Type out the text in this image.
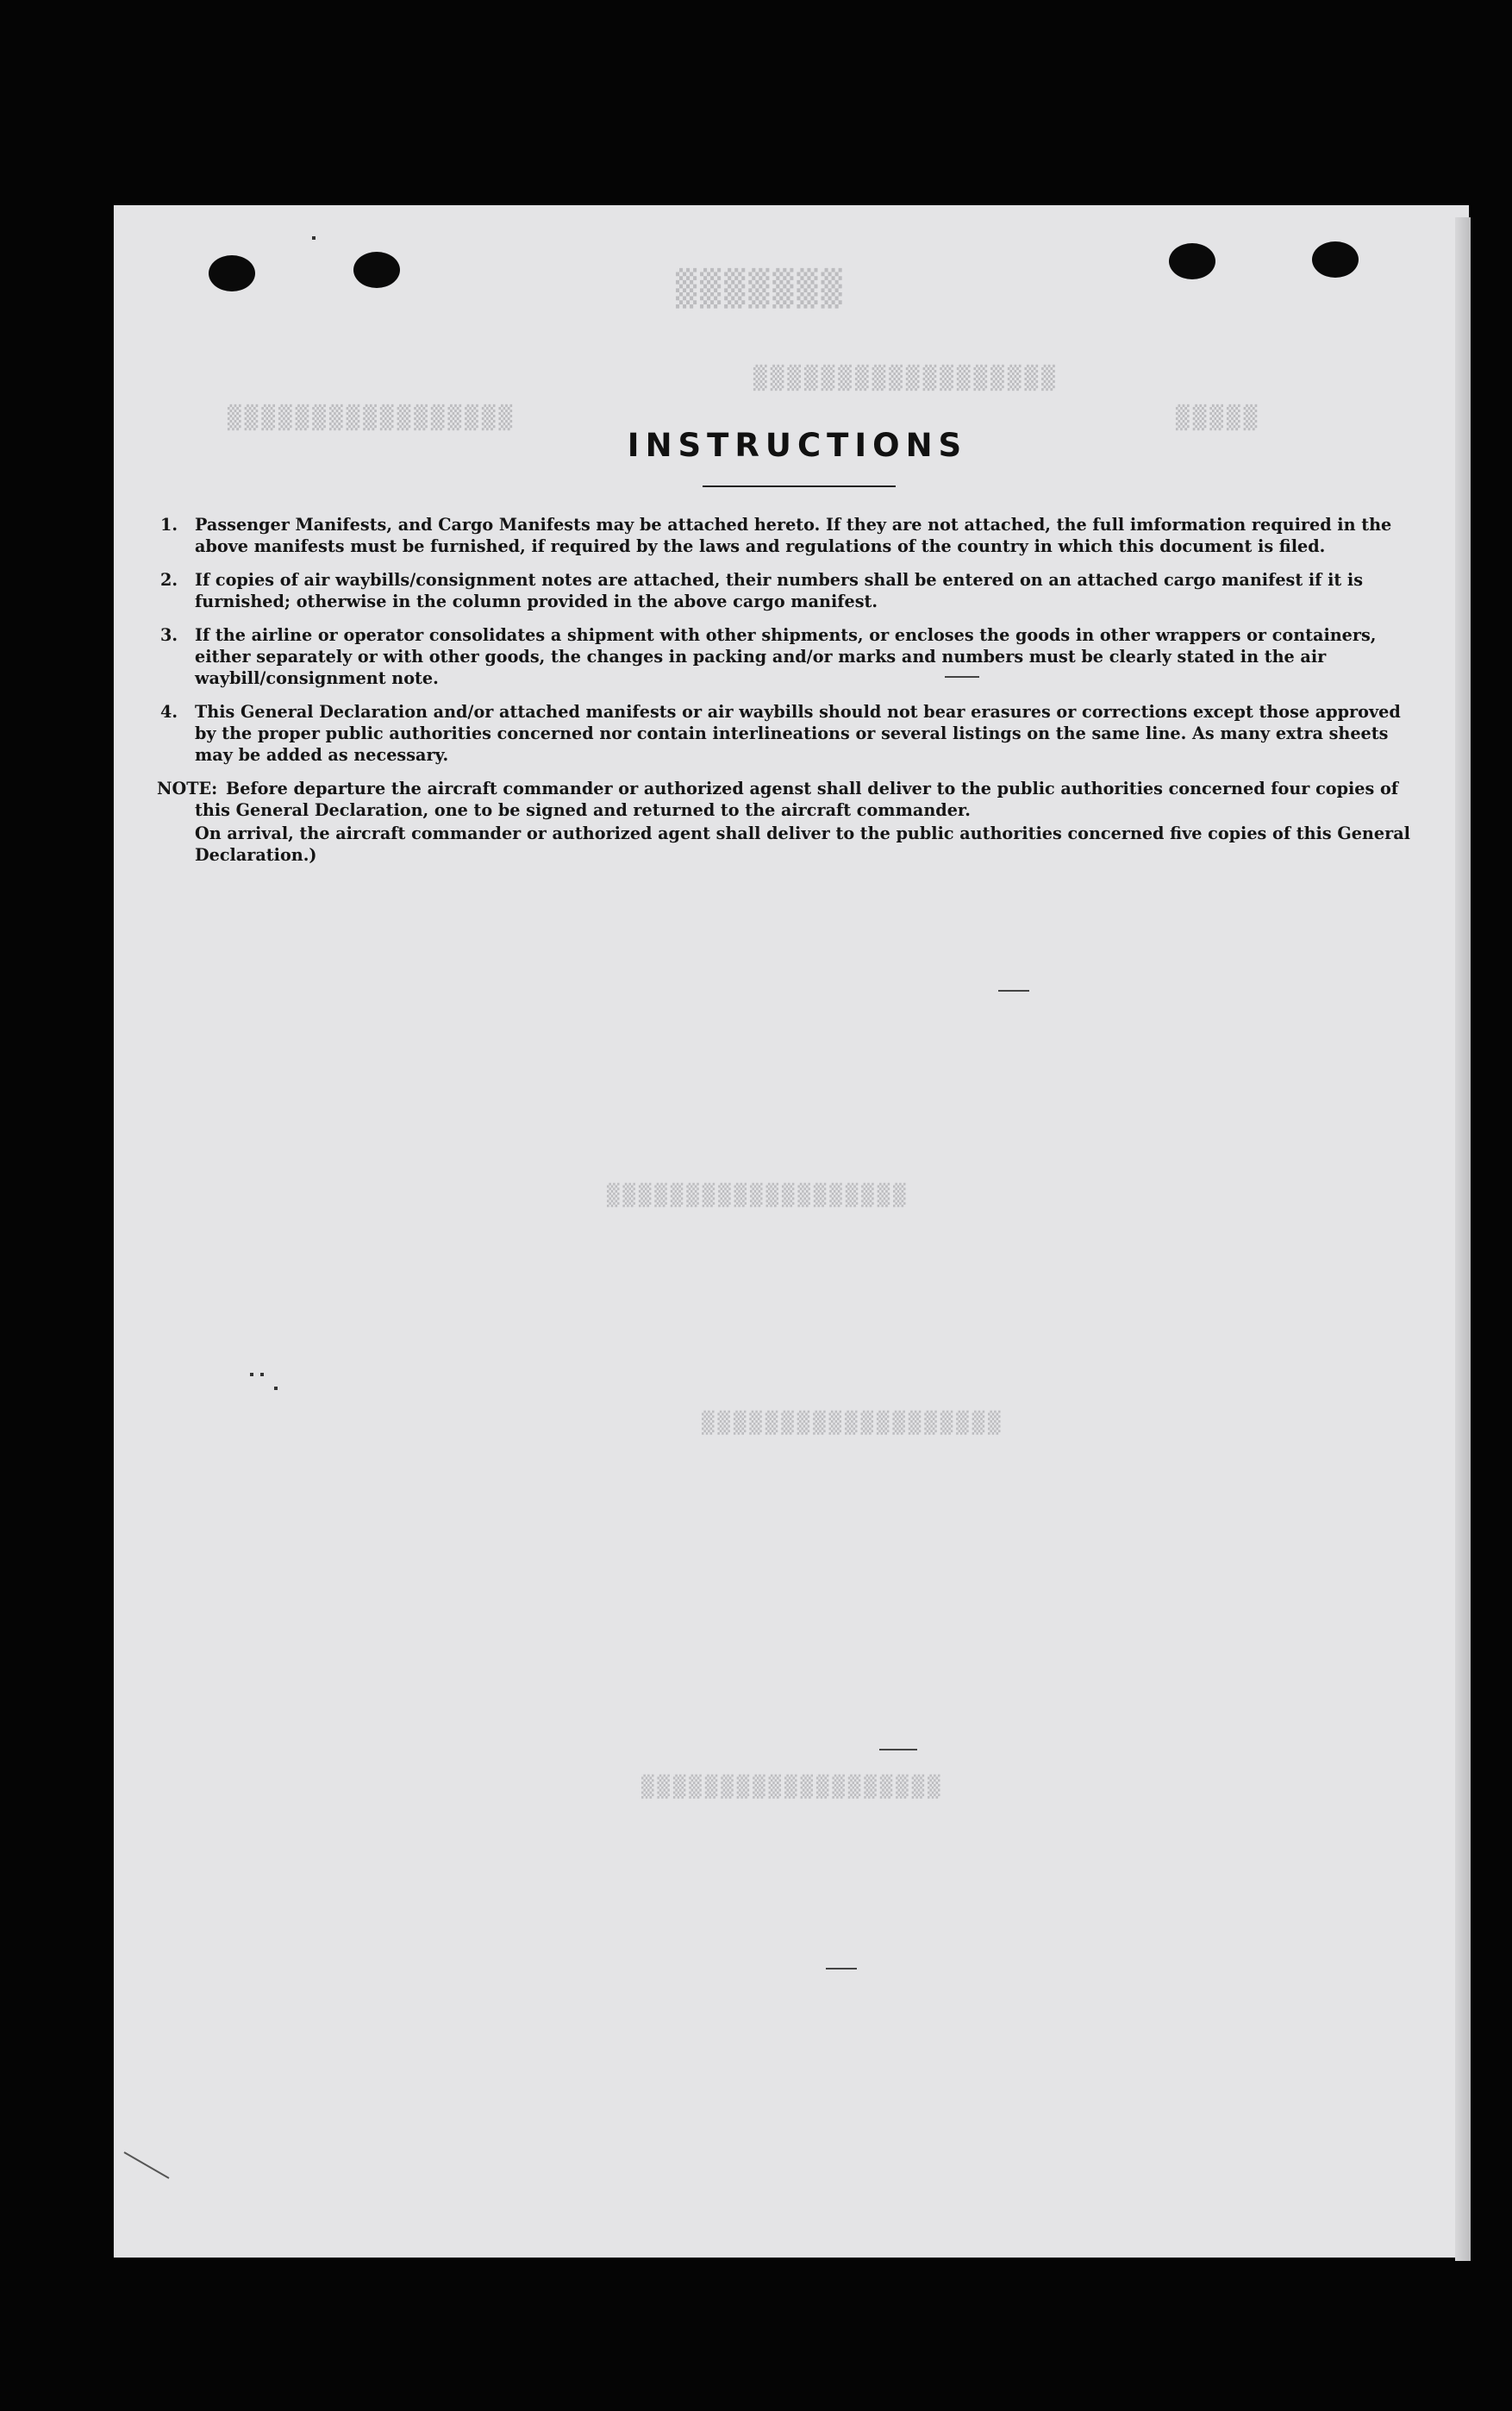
▒▒▒▒▒▒▒
▒▒▒▒▒▒▒▒▒▒▒▒▒▒▒▒▒▒
▒▒▒▒▒▒▒▒▒▒▒▒▒▒▒▒▒	▒▒▒▒▒
▒▒▒▒▒▒▒▒▒▒▒▒▒▒▒▒▒▒▒
▒▒▒▒▒▒▒▒▒▒▒▒▒▒▒▒▒▒▒
▒▒▒▒▒▒▒▒▒▒▒▒▒▒▒▒▒▒▒
INSTRUCTIONS
1. Passenger Manifests, and Cargo Manifests may be attached hereto. If they are not attached, the full imformation required in the above manifests must be furnished, if required by the laws and regulations of the country in which this document is filed.
2. If copies of air waybills/consignment notes are attached, their numbers shall be entered on an attached cargo manifest if it is furnished; otherwise in the column provided in the above cargo manifest.
3. If the airline or operator consolidates a shipment with other shipments, or encloses the goods in other wrappers or containers, either separately or with other goods, the changes in packing and/or marks and numbers must be clearly stated in the air waybill/consignment note.
4. This General Declaration and/or attached manifests or air waybills should not bear erasures or corrections except those approved by the proper public authorities concerned nor contain interlineations or several listings on the same line. As many extra sheets may be added as necessary.
NOTE: Before departure the aircraft commander or authorized agenst shall deliver to the public authorities concerned four copies of this General Declaration, one to be signed and returned to the aircraft commander.

On arrival, the aircraft commander or authorized agent shall deliver to the public authorities concerned five copies of this General Declaration.)
